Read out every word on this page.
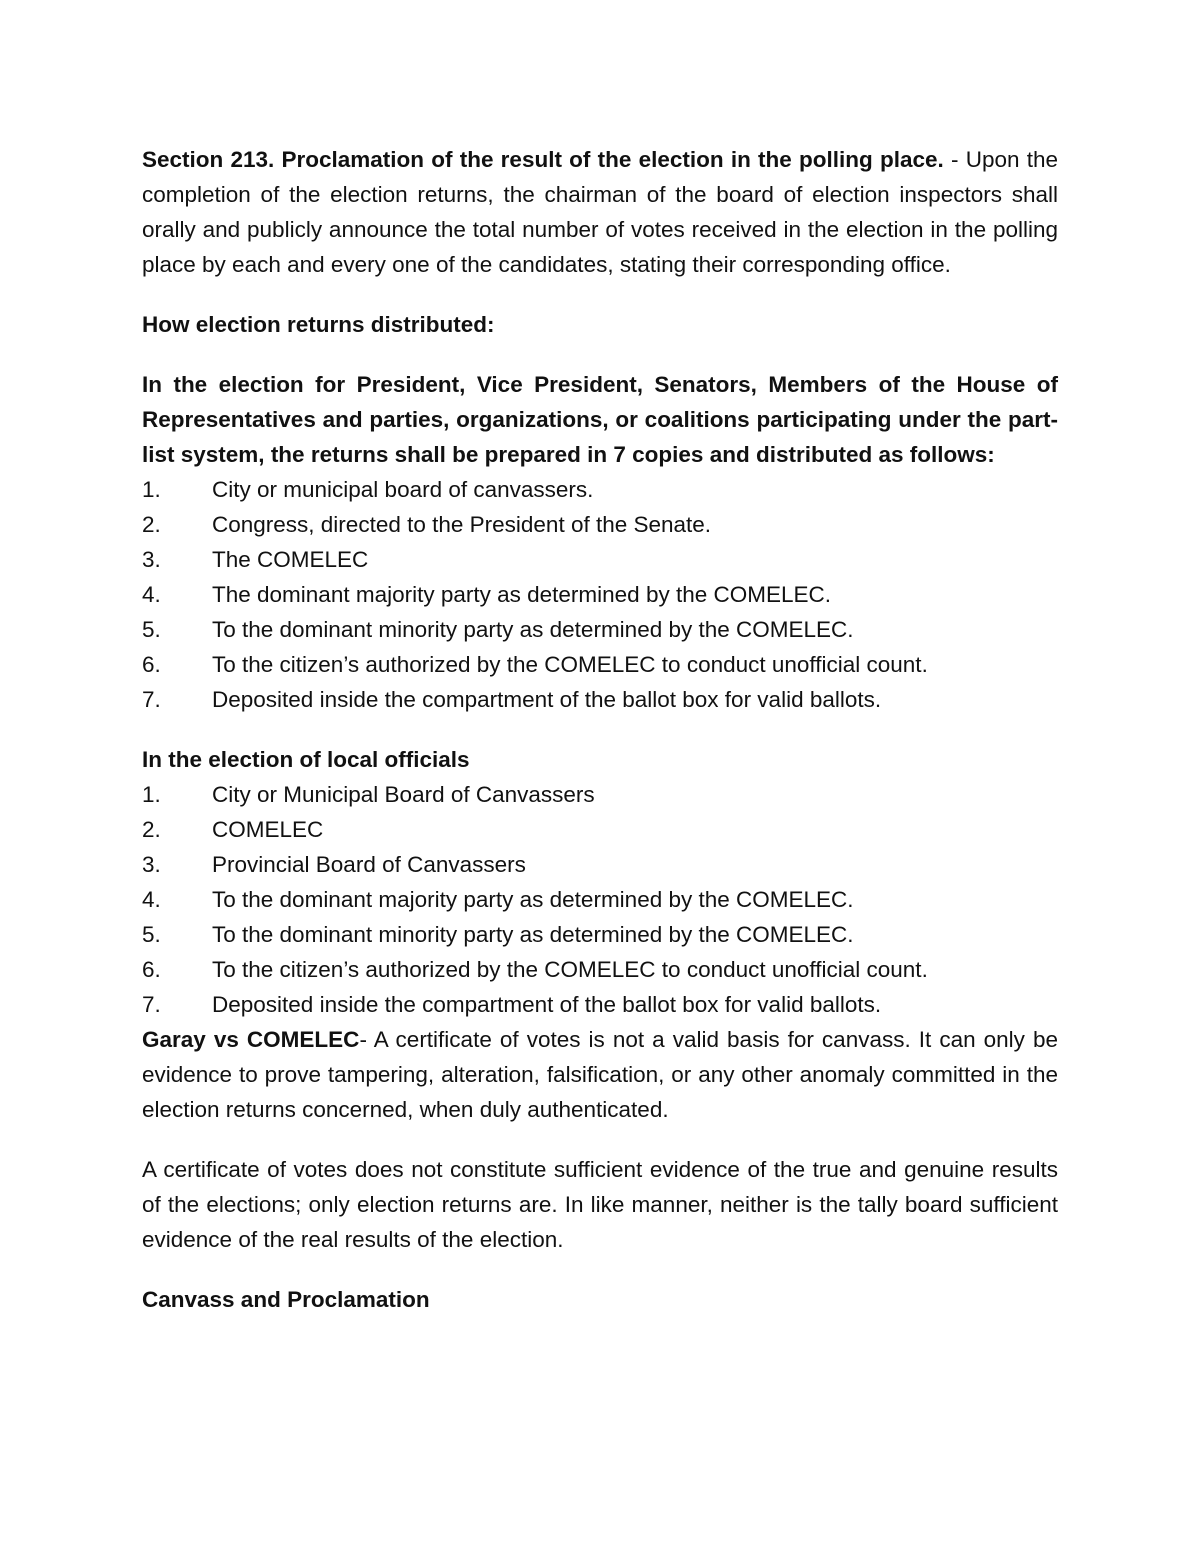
Section 213. Proclamation of the result of the election in the polling place. - Upon the completion of the election returns, the chairman of the board of election inspectors shall orally and publicly announce the total number of votes received in the election in the polling place by each and every one of the candidates, stating their corresponding office.

How election returns distributed:

In the election for President, Vice President, Senators, Members of the House of Representatives and parties, organizations, or coalitions participating under the part-list system, the returns shall be prepared in 7 copies and distributed as follows:

1.	City or municipal board of canvassers.
2.	Congress, directed to the President of the Senate.
3.	The COMELEC
4.	The dominant majority party as determined by the COMELEC.
5.	To the dominant minority party as determined by the COMELEC.
6.	To the citizen’s authorized by the COMELEC to conduct unofficial count.
7.	Deposited inside the compartment of the ballot box for valid ballots.

In the election of local officials

1.	City or Municipal Board of Canvassers
2.	COMELEC
3.	Provincial Board of Canvassers
4.	To the dominant majority party as determined by the COMELEC.
5.	To the dominant minority party as determined by the COMELEC.
6.	To the citizen’s authorized by the COMELEC to conduct unofficial count.
7.	Deposited inside the compartment of the ballot box for valid ballots.

Garay vs COMELEC- A certificate of votes is not a valid basis for canvass. It can only be evidence to prove tampering, alteration, falsification, or any other anomaly committed in the election returns concerned, when duly authenticated.

A certificate of votes does not constitute sufficient evidence of the true and genuine results of the elections; only election returns are. In like manner, neither is the tally board sufficient evidence of the real results of the election.

Canvass and Proclamation
